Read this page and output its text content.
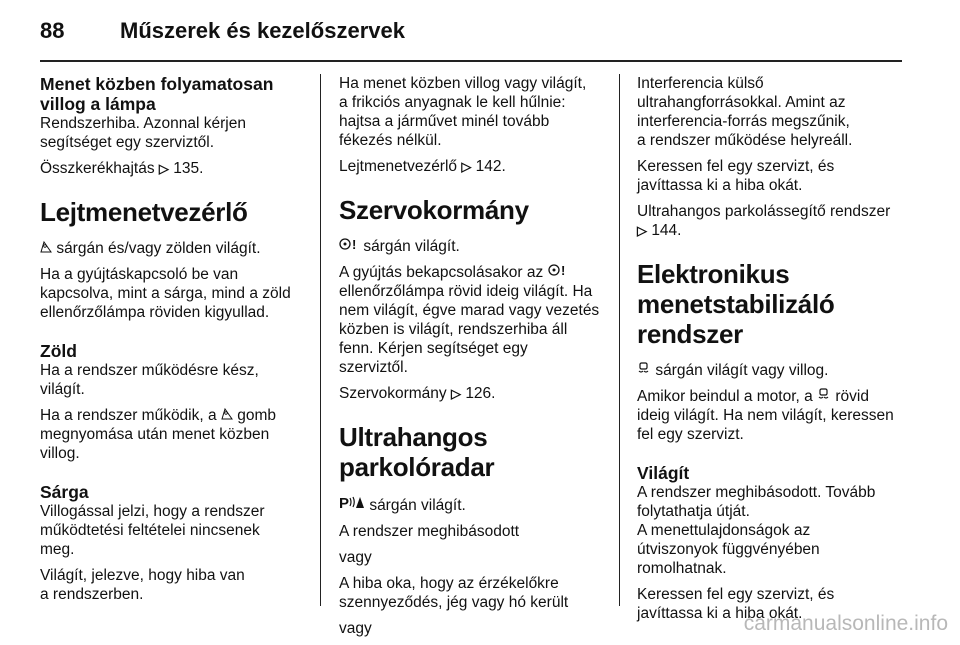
88	Műszerek és kezelőszervek
Menet közben folyamatosan
villog a lámpa

Rendszerhiba. Azonnal kérjen
segítséget egy szerviztől.

Összkerékhajtás ▷ 135.

Lejtmenetvezérlő

sárgán és/vagy zölden világít.

Ha a gyújtáskapcsoló be van
kapcsolva, mint a sárga, mind a zöld
ellenőrzőlámpa röviden kigyullad.

Zöld

Ha a rendszer működésre kész,
világít.

Ha a rendszer működik, a gomb
megnyomása után menet közben
villog.

Sárga

Villogással jelzi, hogy a rendszer
működtetési feltételei nincsenek
meg.

Világít, jelezve, hogy hiba van
a rendszerben.

Ha menet közben villog vagy világít,
a frikciós anyagnak le kell hűlnie:
hajtsa a járművet minél tovább
fékezés nélkül.

Lejtmenetvezérlő ▷ 142.

Szervokormány

! sárgán világít.

A gyújtás bekapcsolásakor az !

ellenőrzőlámpa rövid ideig világít. Ha
nem világít, égve marad vagy vezetés
közben is világít, rendszerhiba áll
fenn. Kérjen segítséget egy
szerviztől.

Szervokormány ▷ 126.

Ultrahangos parkolóradar

P sárgán világít.

A rendszer meghibásodott

vagy

A hiba oka, hogy az érzékelőkre
szennyeződés, jég vagy hó került

vagy

Interferencia külső
ultrahangforrásokkal. Amint az
interferencia-forrás megszűnik,
a rendszer működése helyreáll.

Keressen fel egy szervizt, és
javíttassa ki a hiba okát.

Ultrahangos parkolássegítő rendszer
▷ 144.

Elektronikus
menetstabilizáló rendszer

sárgán világít vagy villog.

Amikor beindul a motor, a rövid
ideig világít. Ha nem világít, keressen
fel egy szervizt.

Világít

A rendszer meghibásodott. Tovább
folytathatja útját.
A menettulajdonságok az
útviszonyok függvényében
romolhatnak.

Keressen fel egy szervizt, és
javíttassa ki a hiba okát.

carmanualsonline.info
